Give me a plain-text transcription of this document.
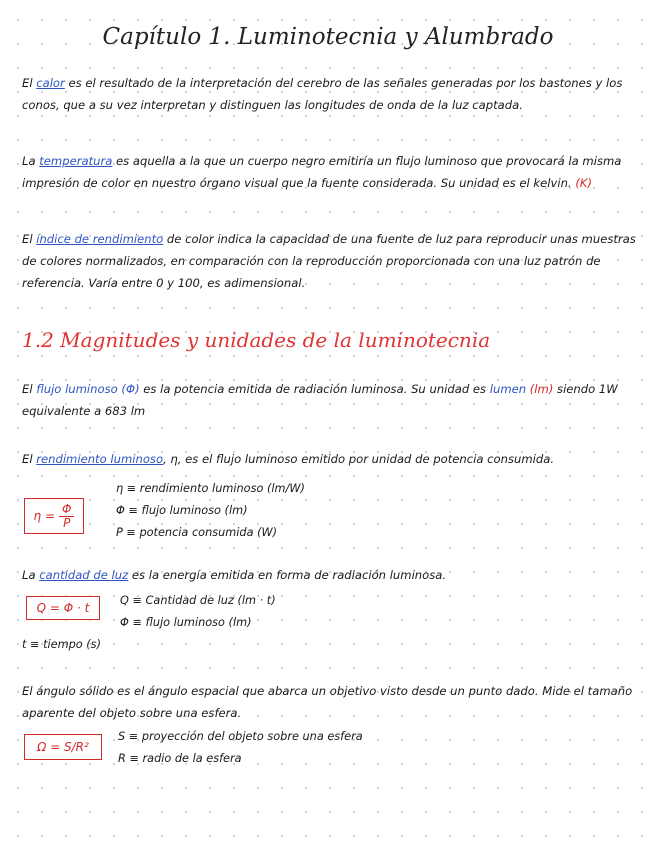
Capítulo 1. Luminotecnia y Alumbrado
El calor es el resultado de la interpretación del cerebro de las señales generadas por los bastones y los conos, que a su vez interpretan y distinguen las longitudes de onda de la luz captada.
La temperatura es aquella a la que un cuerpo negro emitiría un flujo luminoso que provocará la misma impresión de color en nuestro órgano visual que la fuente considerada. Su unidad es el kelvin. (K)
El índice de rendimiento de color indica la capacidad de una fuente de luz para reproducir unas muestras de colores normalizados, en comparación con la reproducción proporcionada con una luz patrón de referencia. Varía entre 0 y 100, es adimensional.
1.2 Magnitudes y unidades de la luminotecnia
El flujo luminoso (Φ) es la potencia emitida de radiación luminosa. Su unidad es lumen (lm) siendo 1W equivalente a 683 lm
El rendimiento luminoso, η, es el flujo luminoso emitido por unidad de potencia consumida.
$\eta = \frac{\Phi}{P}$
η ≡ rendimiento luminoso (lm/W)
Φ ≡ flujo luminoso (lm)
P ≡ potencia consumida (W)
La cantidad de luz es la energía emitida en forma de radiación luminosa.
Q = Φ · t
Q ≡ Cantidad de luz (lm · t)
Φ ≡ flujo luminoso (lm)
t ≡ tiempo (s)
El ángulo sólido es el ángulo espacial que abarca un objetivo visto desde un punto dado. Mide el tamaño aparente del objeto sobre una esfera.
Ω = S/R²
S ≡ proyección del objeto sobre una esfera
R ≡ radio de la esfera
